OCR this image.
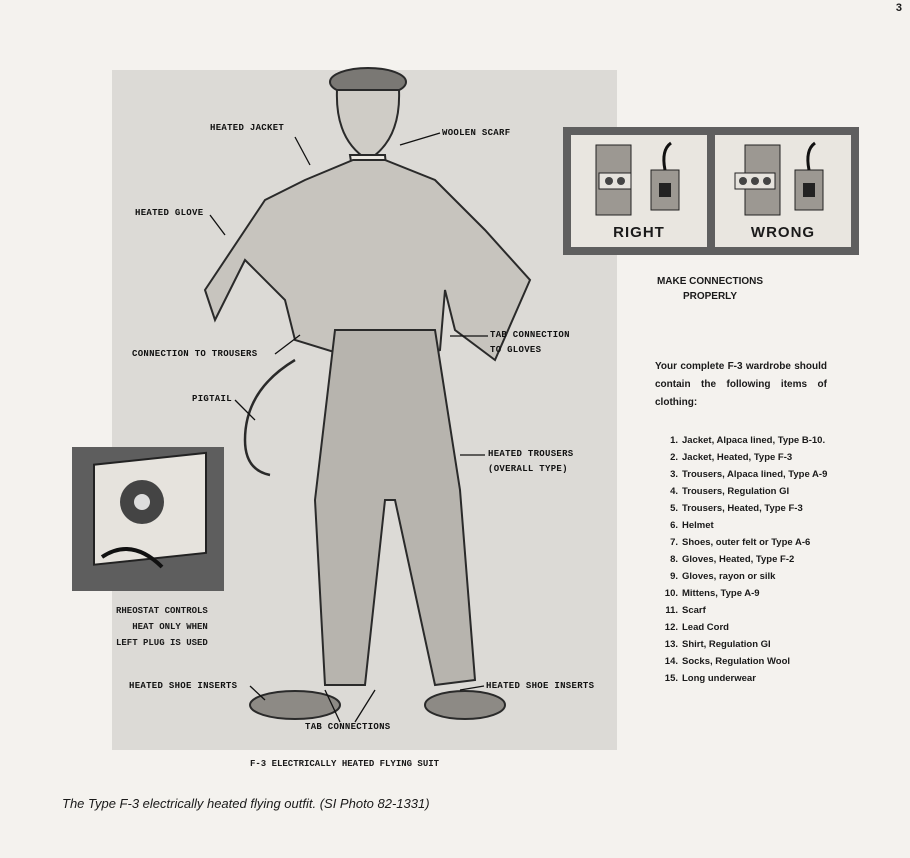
3
HEATED JACKET	WOOLEN SCARF
HEATED GLOVE
TAB CONNECTION
TO GLOVES
CONNECTION TO TROUSERS
PIGTAIL
HEATED TROUSERS
(OVERALL TYPE)
HEATED SHOE INSERTS	HEATED SHOE INSERTS
TAB CONNECTIONS
RHEOSTAT CONTROLS
HEAT ONLY WHEN
LEFT PLUG IS USED
RIGHT	WRONG
MAKE CONNECTIONS
PROPERLY
Your complete F-3 wardrobe should contain the following items of clothing:
1. Jacket, Alpaca lined, Type B-10.
2. Jacket, Heated, Type F-3
3. Trousers, Alpaca lined, Type A-9
4. Trousers, Regulation GI
5. Trousers, Heated, Type F-3
6. Helmet
7. Shoes, outer felt or Type A-6
8. Gloves, Heated, Type F-2
9. Gloves, rayon or silk
10. Mittens, Type A-9
11. Scarf
12. Lead Cord
13. Shirt, Regulation GI
14. Socks, Regulation Wool
15. Long underwear
F-3 ELECTRICALLY HEATED FLYING SUIT
The Type F-3 electrically heated flying outfit. (SI Photo 82-1331)
